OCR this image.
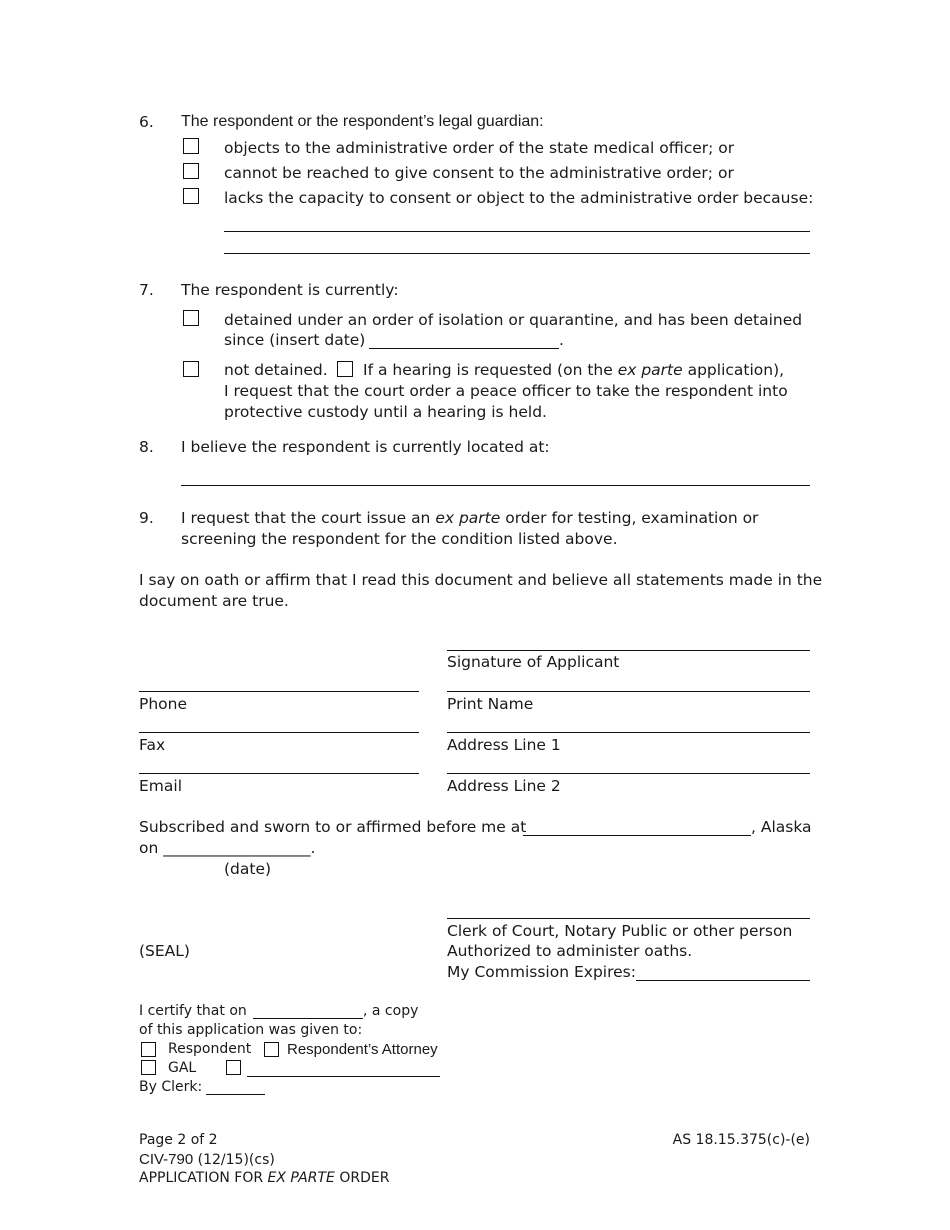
6. The respondent or the respondent’s legal guardian:
objects to the administrative order of the state medical officer; or
cannot be reached to give consent to the administrative order; or
lacks the capacity to consent or object to the administrative order because:
7. The respondent is currently:
detained under an order of isolation or quarantine, and has been detained
since (insert date)	.
not detained. If a hearing is requested (on the ex parte application),
I request that the court order a peace officer to take the respondent into
protective custody until a hearing is held.
8. I believe the respondent is currently located at:
9. I request that the court issue an ex parte order for testing, examination or
screening the respondent for the condition listed above.
I say on oath or affirm that I read this document and believe all statements made in the
document are true.
Signature of Applicant
Phone	Print Name
Fax	Address Line 1
Email	Address Line 2
Subscribed and sworn to or affirmed before me at	, Alaska
on ___________________.
(date)
Clerk of Court, Notary Public or other person
Authorized to administer oaths.
(SEAL)
My Commission Expires:
I certify that on	, a copy
of this application was given to:
Respondent Respondent’s Attorney
GAL
By Clerk:
Page 2 of 2
CIV-790 (12/15)(cs)
APPLICATION FOR EX PARTE ORDER
AS 18.15.375(c)-(e)
